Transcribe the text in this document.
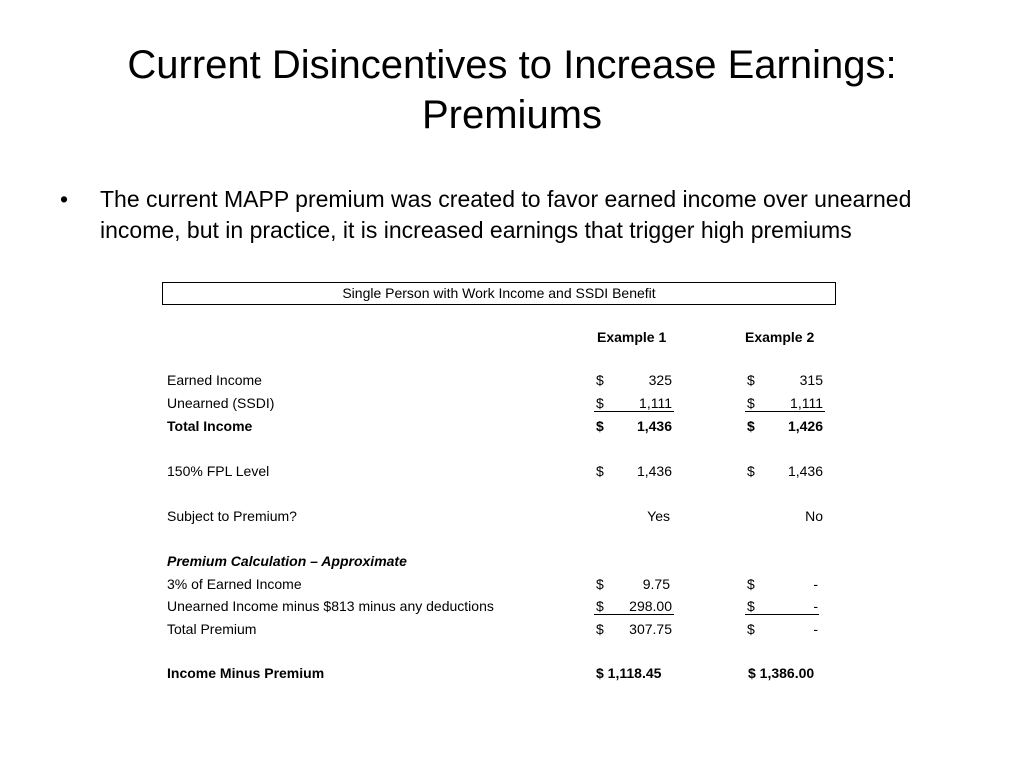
Current Disincentives to Increase Earnings:
Premiums
•	The current MAPP premium was created to favor earned income over unearned income, but in practice, it is increased earnings that trigger high premiums
Single Person with Work Income and SSDI Benefit
Example 1	Example 2
Earned Income	$	325	$	315
Unearned (SSDI)	$	1,111	$	1,111
Total Income	$ 1,436	$ 1,426
150% FPL Level	$ 1,436	$ 1,436
Subject to Premium?	Yes	No
Premium Calculation – Approximate
3% of Earned Income	$	9.75	$	-
Unearned Income minus $813 minus any deductions	$ 298.00	$	-
Total Premium	$ 307.75	$	-
Income Minus Premium	$ 1,118.45	$ 1,386.00
